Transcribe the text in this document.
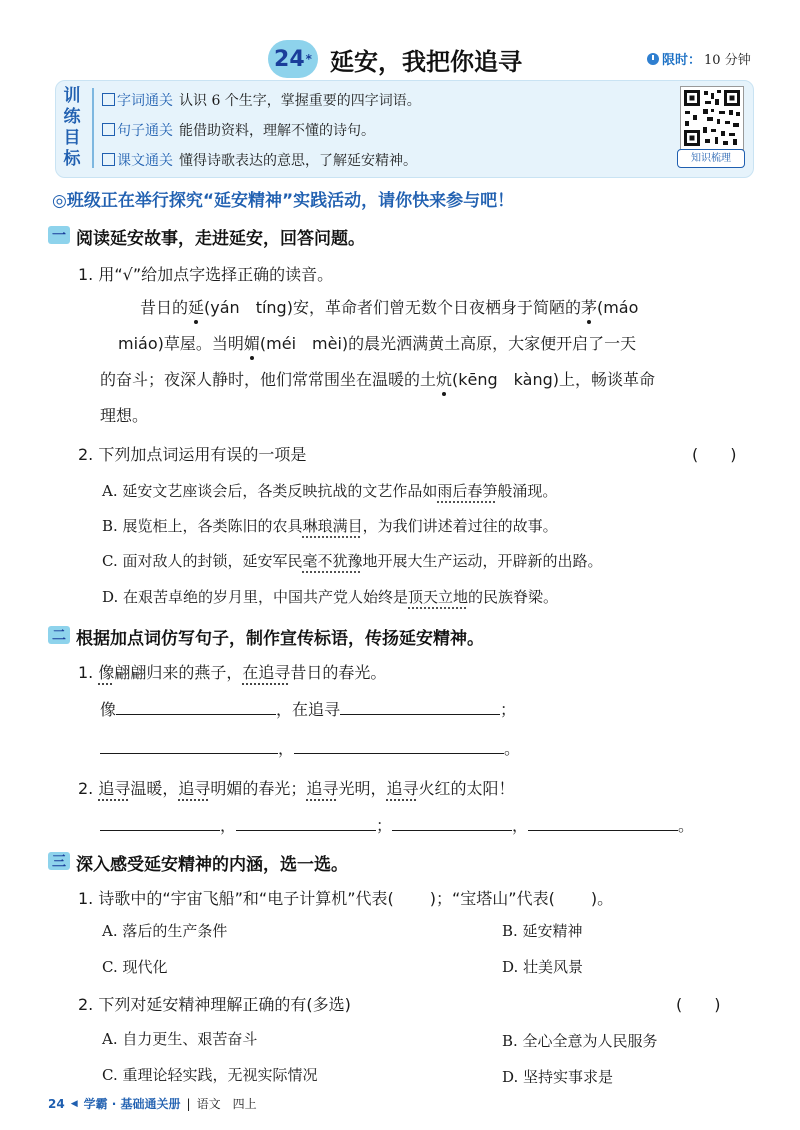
24 * 延安，我把你追寻	限时： 10 分钟
训练目标
字词通关 认识 6 个生字，掌握重要的四字词语。
句子通关 能借助资料，理解不懂的诗句。
课文通关 懂得诗歌表达的意思，了解延安精神。	知识梳理
◎班级正在举行探究“延安精神”实践活动，请你快来参与吧！
一 阅读延安故事，走进延安，回答问题。
1. 用“√”给加点字选择正确的读音。
昔日的延(yán　tíng)安，革命者们曾无数个日夜栖身于简陋的茅(máo
miáo)草屋。当明媚(méi　mèi)的晨光洒满黄土高原，大家便开启了一天
的奋斗；夜深人静时，他们常常围坐在温暖的土炕(kēng　kàng)上，畅谈革命
理想。
2. 下列加点词运用有误的一项是	(　　)
A. 延安文艺座谈会后，各类反映抗战的文艺作品如雨后春笋般涌现。
B. 展览柜上，各类陈旧的农具琳琅满目，为我们讲述着过往的故事。
C. 面对敌人的封锁，延安军民毫不犹豫地开展大生产运动，开辟新的出路。
D. 在艰苦卓绝的岁月里，中国共产党人始终是顶天立地的民族脊梁。
二 根据加点词仿写句子，制作宣传标语，传扬延安精神。
1. 像翩翩归来的燕子，在追寻昔日的春光。
像	，在追寻	；
，	。
2. 追寻温暖，追寻明媚的春光；追寻光明，追寻火红的太阳！
，	；	，	。
三 深入感受延安精神的内涵，选一选。
1. 诗歌中的“宇宙飞船”和“电子计算机”代表( )；“宝塔山”代表( )。
A. 落后的生产条件	B. 延安精神
C. 现代化	D. 壮美风景
2. 下列对延安精神理解正确的有(多选)	(　　)
A. 自力更生、艰苦奋斗	B. 全心全意为人民服务
C. 重理论轻实践，无视实际情况	D. 坚持实事求是
24 ◀ 学霸 · 基础通关册 | 语文　四上
